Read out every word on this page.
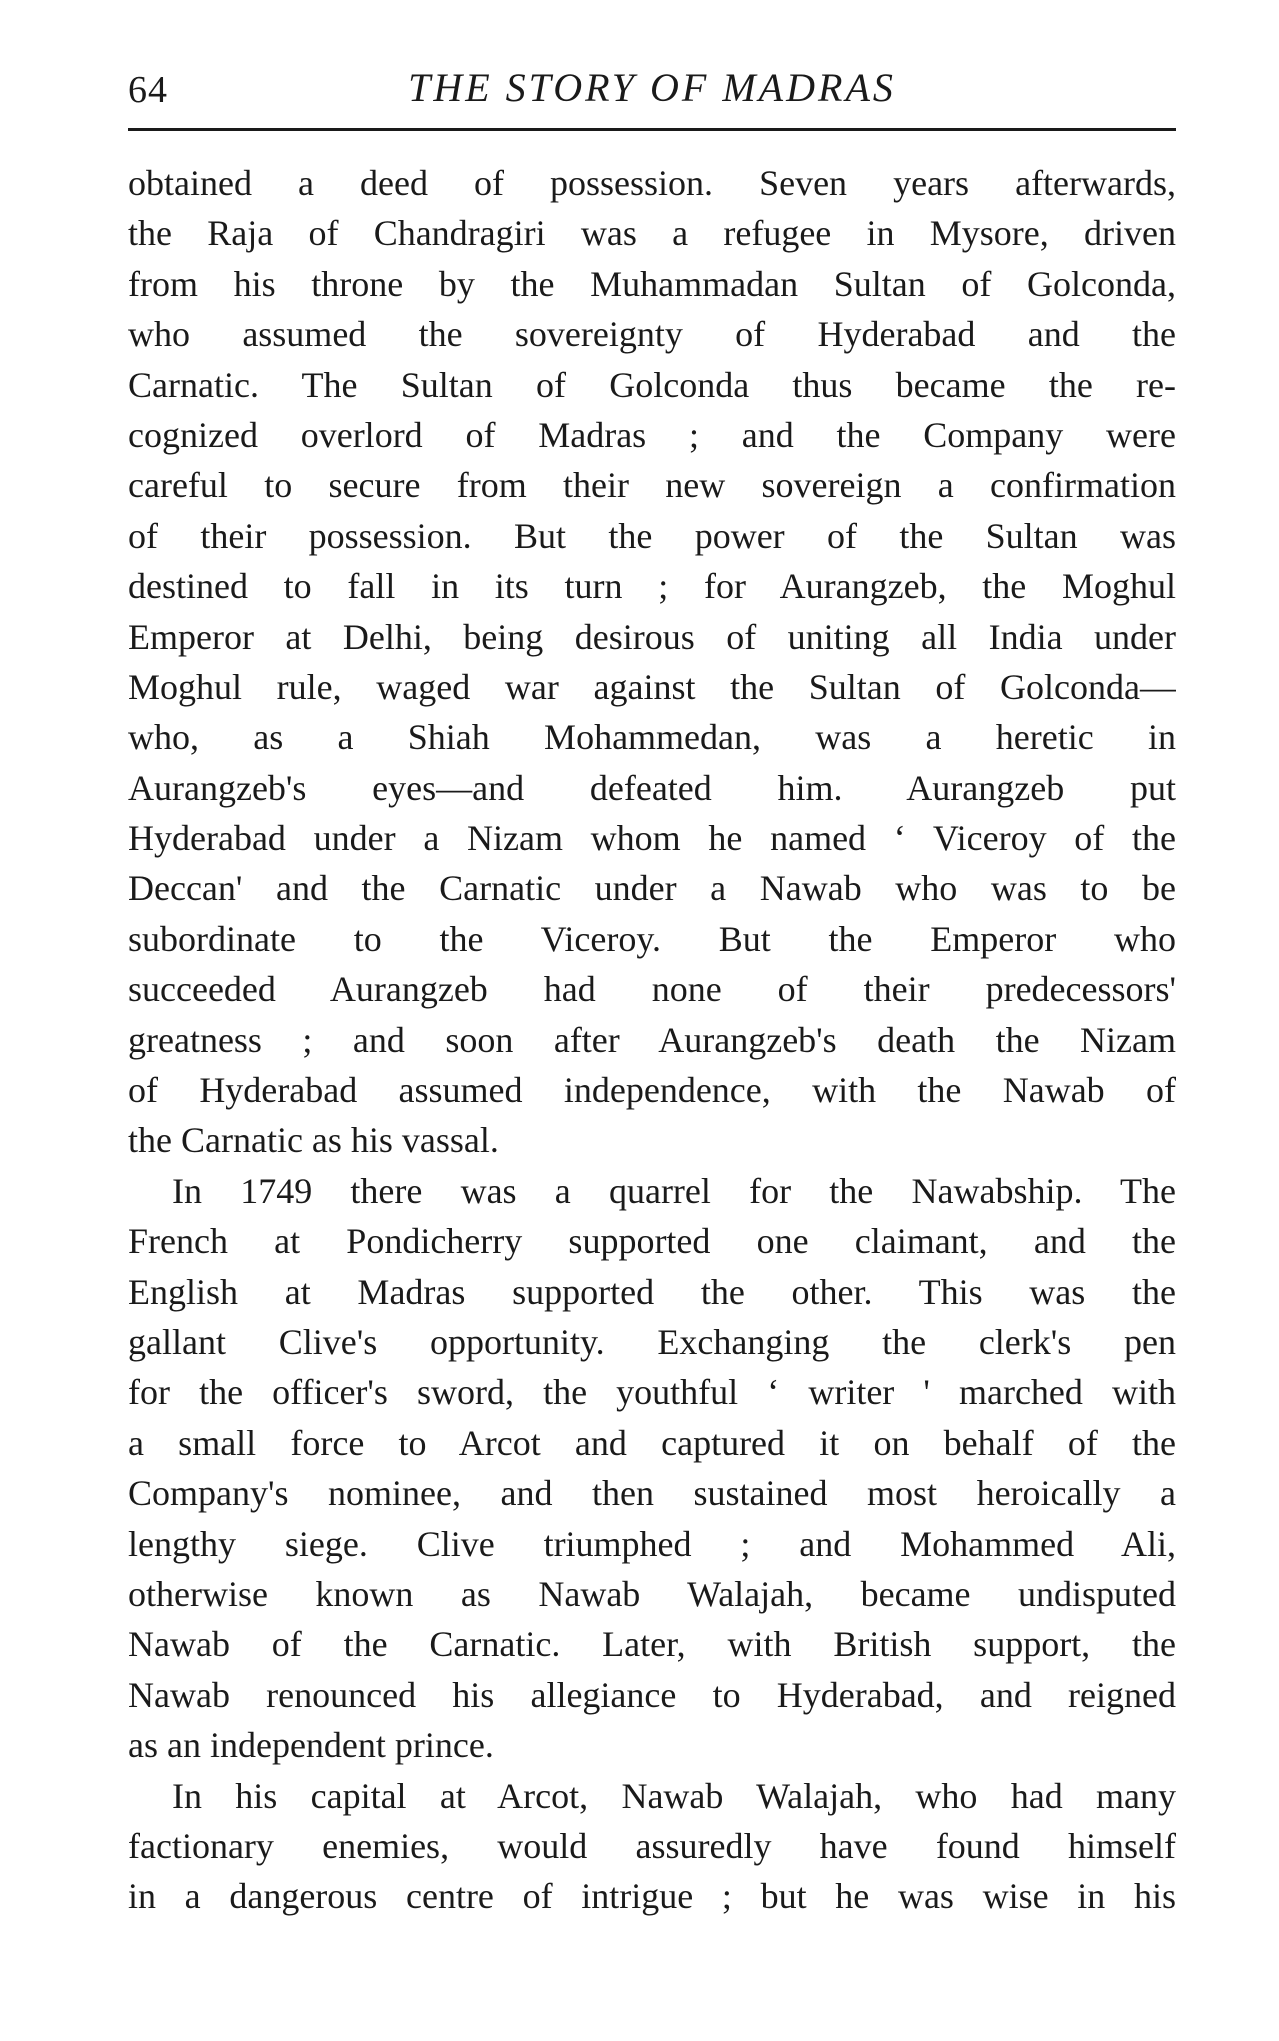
64	THE STORY OF MADRAS
obtained a deed of possession. Seven years afterwards,
the Raja of Chandragiri was a refugee in Mysore, driven
from his throne by the Muhammadan Sultan of Golconda,
who assumed the sovereignty of Hyderabad and the
Carnatic. The Sultan of Golconda thus became the re-
cognized overlord of Madras ; and the Company were
careful to secure from their new sovereign a confirmation
of their possession. But the power of the Sultan was
destined to fall in its turn ; for Aurangzeb, the Moghul
Emperor at Delhi, being desirous of uniting all India under
Moghul rule, waged war against the Sultan of Golconda—
who, as a Shiah Mohammedan, was a heretic in
Aurangzeb's eyes—and defeated him. Aurangzeb put
Hyderabad under a Nizam whom he named ‘ Viceroy of the
Deccan' and the Carnatic under a Nawab who was to be
subordinate to the Viceroy. But the Emperor who
succeeded Aurangzeb had none of their predecessors'
greatness ; and soon after Aurangzeb's death the Nizam
of Hyderabad assumed independence, with the Nawab of
the Carnatic as his vassal.
In 1749 there was a quarrel for the Nawabship. The
French at Pondicherry supported one claimant, and the
English at Madras supported the other. This was the
gallant Clive's opportunity. Exchanging the clerk's pen
for the officer's sword, the youthful ‘ writer ' marched with
a small force to Arcot and captured it on behalf of the
Company's nominee, and then sustained most heroically a
lengthy siege. Clive triumphed ; and Mohammed Ali,
otherwise known as Nawab Walajah, became undisputed
Nawab of the Carnatic. Later, with British support, the
Nawab renounced his allegiance to Hyderabad, and reigned
as an independent prince.
In his capital at Arcot, Nawab Walajah, who had many
factionary enemies, would assuredly have found himself
in a dangerous centre of intrigue ; but he was wise in his
